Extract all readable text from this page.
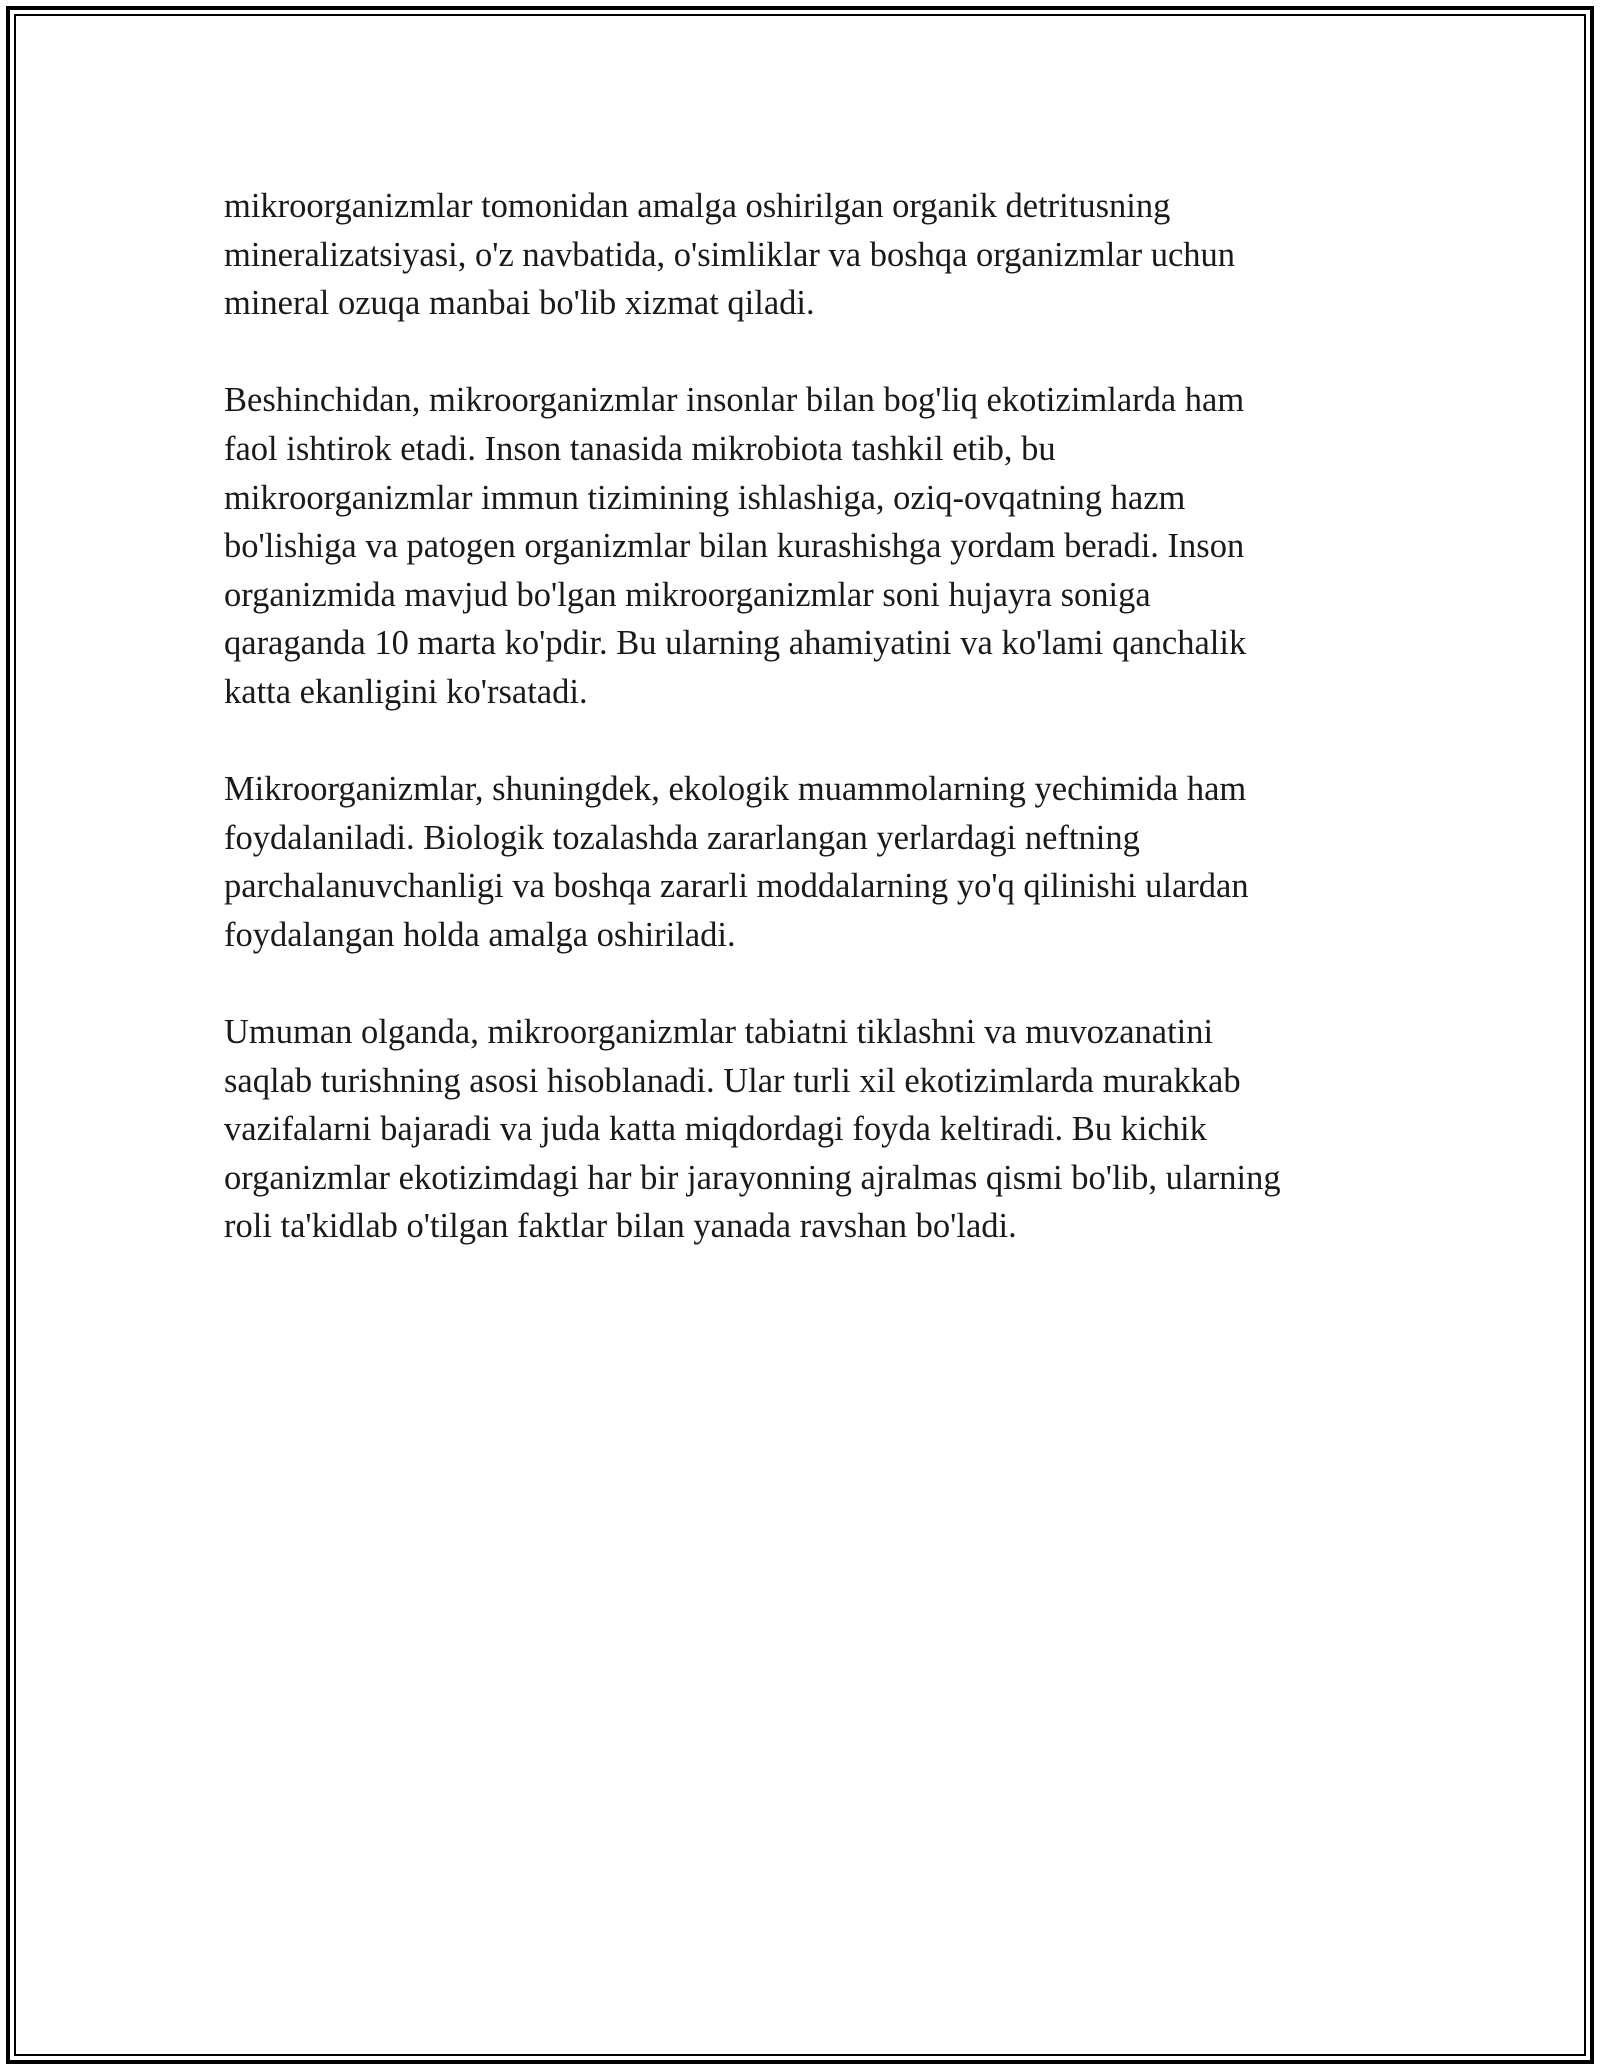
mikroorganizmlar tomonidan amalga oshirilgan organik detritusning
mineralizatsiyasi, o'z navbatida, o'simliklar va boshqa organizmlar uchun
mineral ozuqa manbai bo'lib xizmat qiladi.

Beshinchidan, mikroorganizmlar insonlar bilan bog'liq ekotizimlarda ham
faol ishtirok etadi. Inson tanasida mikrobiota tashkil etib, bu
mikroorganizmlar immun tizimining ishlashiga, oziq-ovqatning hazm
bo'lishiga va patogen organizmlar bilan kurashishga yordam beradi. Inson
organizmida mavjud bo'lgan mikroorganizmlar soni hujayra soniga
qaraganda 10 marta ko'pdir. Bu ularning ahamiyatini va ko'lami qanchalik
katta ekanligini ko'rsatadi.

Mikroorganizmlar, shuningdek, ekologik muammolarning yechimida ham
foydalaniladi. Biologik tozalashda zararlangan yerlardagi neftning
parchalanuvchanligi va boshqa zararli moddalarning yo'q qilinishi ulardan
foydalangan holda amalga oshiriladi.

Umuman olganda, mikroorganizmlar tabiatni tiklashni va muvozanatini
saqlab turishning asosi hisoblanadi. Ular turli xil ekotizimlarda murakkab
vazifalarni bajaradi va juda katta miqdordagi foyda keltiradi. Bu kichik
organizmlar ekotizimdagi har bir jarayonning ajralmas qismi bo'lib, ularning
roli ta'kidlab o'tilgan faktlar bilan yanada ravshan bo'ladi.
